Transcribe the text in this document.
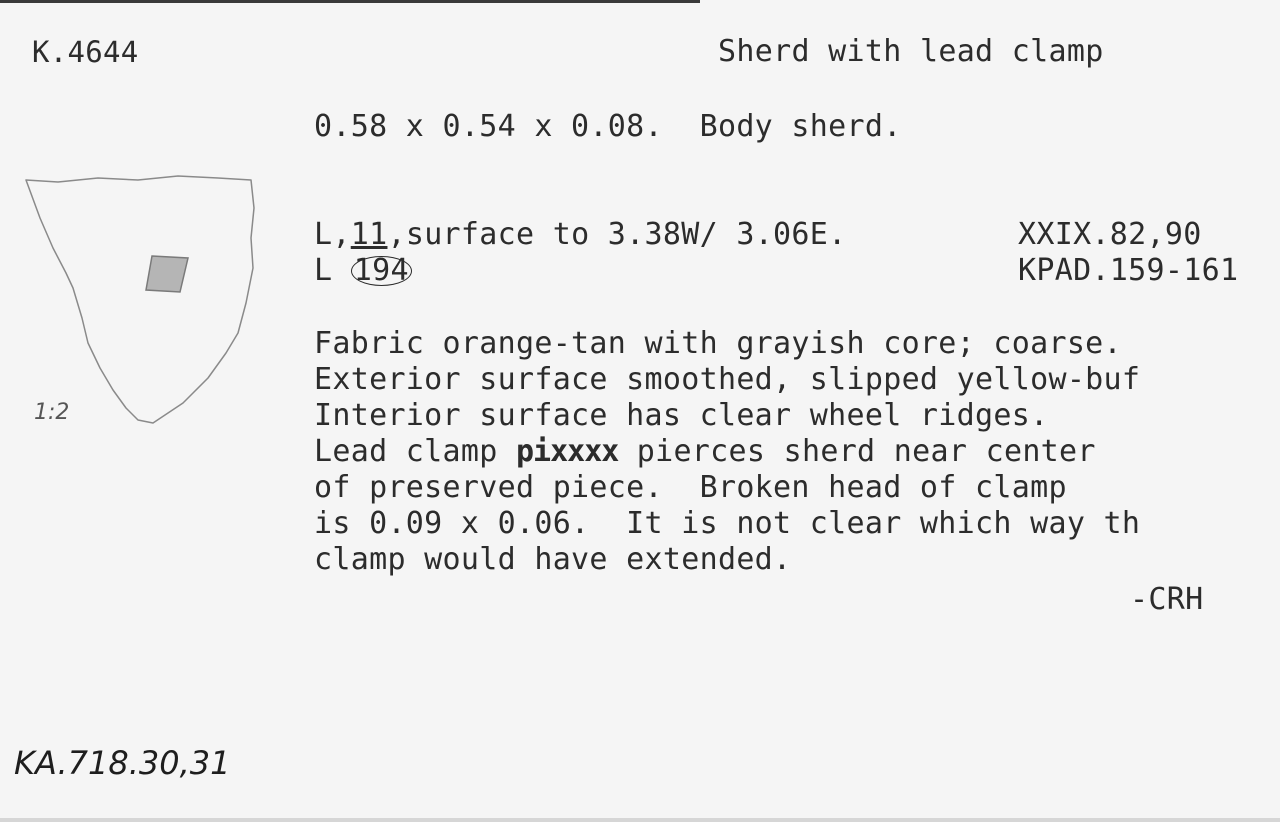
K.4644	Sherd with lead clamp
0.58 x 0.54 x 0.08.  Body sherd.
L,11,surface to 3.38W/ 3.06E.	XXIX.82,90
L 194	KPAD.159-161
Fabric orange-tan with grayish core; coarse.
Exterior surface smoothed, slipped yellow-buf
Interior surface has clear wheel ridges.
Lead clamp pixxxx pierces sherd near center
of preserved piece.  Broken head of clamp
is 0.09 x 0.06.  It is not clear which way th
clamp would have extended.
-CRH
1:2
KA.718.30,31
